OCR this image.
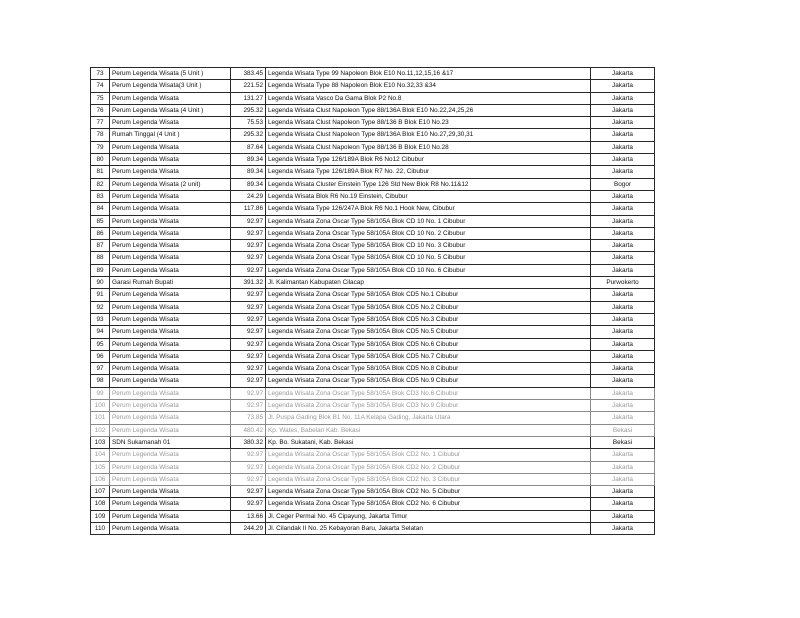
73	Perum Legenda Wisata (5 Unit )	383.45	Legenda Wisata Type 99 Napoleon Blok E10 No.11,12,15,16 &17	Jakarta
74	Perum Legenda Wisata(3 Unit )	221.52	Legenda Wisata Type 88 Napoleon Blok E10 No.32,33 &34	Jakarta
75	Perum Legenda Wisata	131.27	Legenda Wisata Vasco Da Gama Blok P2 No.8	Jakarta
76	Perum Legenda Wisata (4 Unit )	295.32	Legenda Wisata Clust Napoleon Type 88/136A Blok E10 No.22,24,25,26	Jakarta
77	Perum Legenda Wisata	75.53	Legenda Wisata Clust Napoleon Type 88/136 B Blok E10 No.23	Jakarta
78	Rumah Tinggal (4 Unit )	295.32	Legenda Wisata Clust Napoleon Type 88/136A Blok E10 No.27,29,30,31	Jakarta
79	Perum Legenda Wisata	87.64	Legenda Wisata Clust Napoleon Type 88/136 B Blok E10 No.28	Jakarta
80	Perum Legenda Wisata	89.34	Legenda Wisata Type 126/189A Blok R6 No12 Cibubur	Jakarta
81	Perum Legenda Wisata	89.34	Legenda Wisata Type 126/189A Blok R7 No. 22, Cibubur	Jakarta
82	Perum Legenda Wisata (2 unit)	89.34	Legenda Wisata Cluster Einstein Type 126 Std New Blok R8 No.11&12	Bogor
83	Perum Legenda Wisata	24.29	Legenda Wisata Blok R6 No.19 Einstein, Cibubur	Jakarta
84	Perum Legenda Wisata	117.86	Legenda Wisata Type 126/247A Blok R6 No.1 Hook New, Cibubur	Jakarta
85	Perum Legenda Wisata	92.97	Legenda Wisata Zona Oscar Type 58/105A Blok CD 10 No. 1 Cibubur	Jakarta
86	Perum Legenda Wisata	92.97	Legenda Wisata Zona Oscar Type 58/105A Blok CD 10 No. 2 Cibubur	Jakarta
87	Perum Legenda Wisata	92.97	Legenda Wisata Zona Oscar Type 58/105A Blok CD 10 No. 3 Cibubur	Jakarta
88	Perum Legenda Wisata	92.97	Legenda Wisata Zona Oscar Type 58/105A Blok CD 10 No. 5 Cibubur	Jakarta
89	Perum Legenda Wisata	92.97	Legenda Wisata Zona Oscar Type 58/105A Blok CD 10 No. 6 Cibubur	Jakarta
90	Garasi Rumah Bupati	391.32	Jl. Kalimantan Kabupaten Cilacap	Purwokerto
91	Perum Legenda Wisata	92.97	Legenda Wisata Zona Oscar Type 58/105A Blok CD5 No.1 Cibubur	Jakarta
92	Perum Legenda Wisata	92.97	Legenda Wisata Zona Oscar Type 58/105A Blok CD5 No.2 Cibubur	Jakarta
93	Perum Legenda Wisata	92.97	Legenda Wisata Zona Oscar Type 58/105A Blok CD5 No.3 Cibubur	Jakarta
94	Perum Legenda Wisata	92.97	Legenda Wisata Zona Oscar Type 58/105A Blok CD5 No.5 Cibubur	Jakarta
95	Perum Legenda Wisata	92.97	Legenda Wisata Zona Oscar Type 58/105A Blok CD5 No.6 Cibubur	Jakarta
96	Perum Legenda Wisata	92.97	Legenda Wisata Zona Oscar Type 58/105A Blok CD5 No.7 Cibubur	Jakarta
97	Perum Legenda Wisata	92.97	Legenda Wisata Zona Oscar Type 58/105A Blok CD5 No.8 Cibubur	Jakarta
98	Perum Legenda Wisata	92.97	Legenda Wisata Zona Oscar Type 58/105A Blok CD5 No.9 Cibubur	Jakarta
99	Perum Legenda Wisata	92.97	Legenda Wisata Zona Oscar Type 58/105A Blok CD3 No.6 Cibubur	Jakarta
100	Perum Legenda Wisata	92.97	Legenda Wisata Zona Oscar Type 58/105A Blok CD3 No.9 Cibubur	Jakarta
101	Perum Legenda Wisata	73.85	Jl. Puspa Gading Blok B1 No. 11A Kelapa Gading, Jakarta Utara	Jakarta
102	Perum Legenda Wisata	480.42	Kp. Wates, Babelan Kab. Bekasi	Bekasi
103	SDN Sukamanah 01	380.32	Kp. Bo. Sukatani, Kab. Bekasi	Bekasi
104	Perum Legenda Wisata	92.97	Legenda Wisata Zona Oscar Type 58/105A Blok CD2 No. 1 Cibubur	Jakarta
105	Perum Legenda Wisata	92.97	Legenda Wisata Zona Oscar Type 58/105A Blok CD2 No. 2 Cibubur	Jakarta
106	Perum Legenda Wisata	92.97	Legenda Wisata Zona Oscar Type 58/105A Blok CD2 No. 3 Cibubur	Jakarta
107	Perum Legenda Wisata	92.97	Legenda Wisata Zona Oscar Type 58/105A Blok CD2 No. 5 Cibubur	Jakarta
108	Perum Legenda Wisata	92.97	Legenda Wisata Zona Oscar Type 58/105A Blok CD2 No. 6 Cibubur	Jakarta
109	Perum Legenda Wisata	13.66	Jl. Ceger Permai No. 45 Cipayung, Jakarta Timur	Jakarta
110	Perum Legenda Wisata	244.29	Jl. Cilandak II No. 25 Kebayoran Baru, Jakarta Selatan	Jakarta
